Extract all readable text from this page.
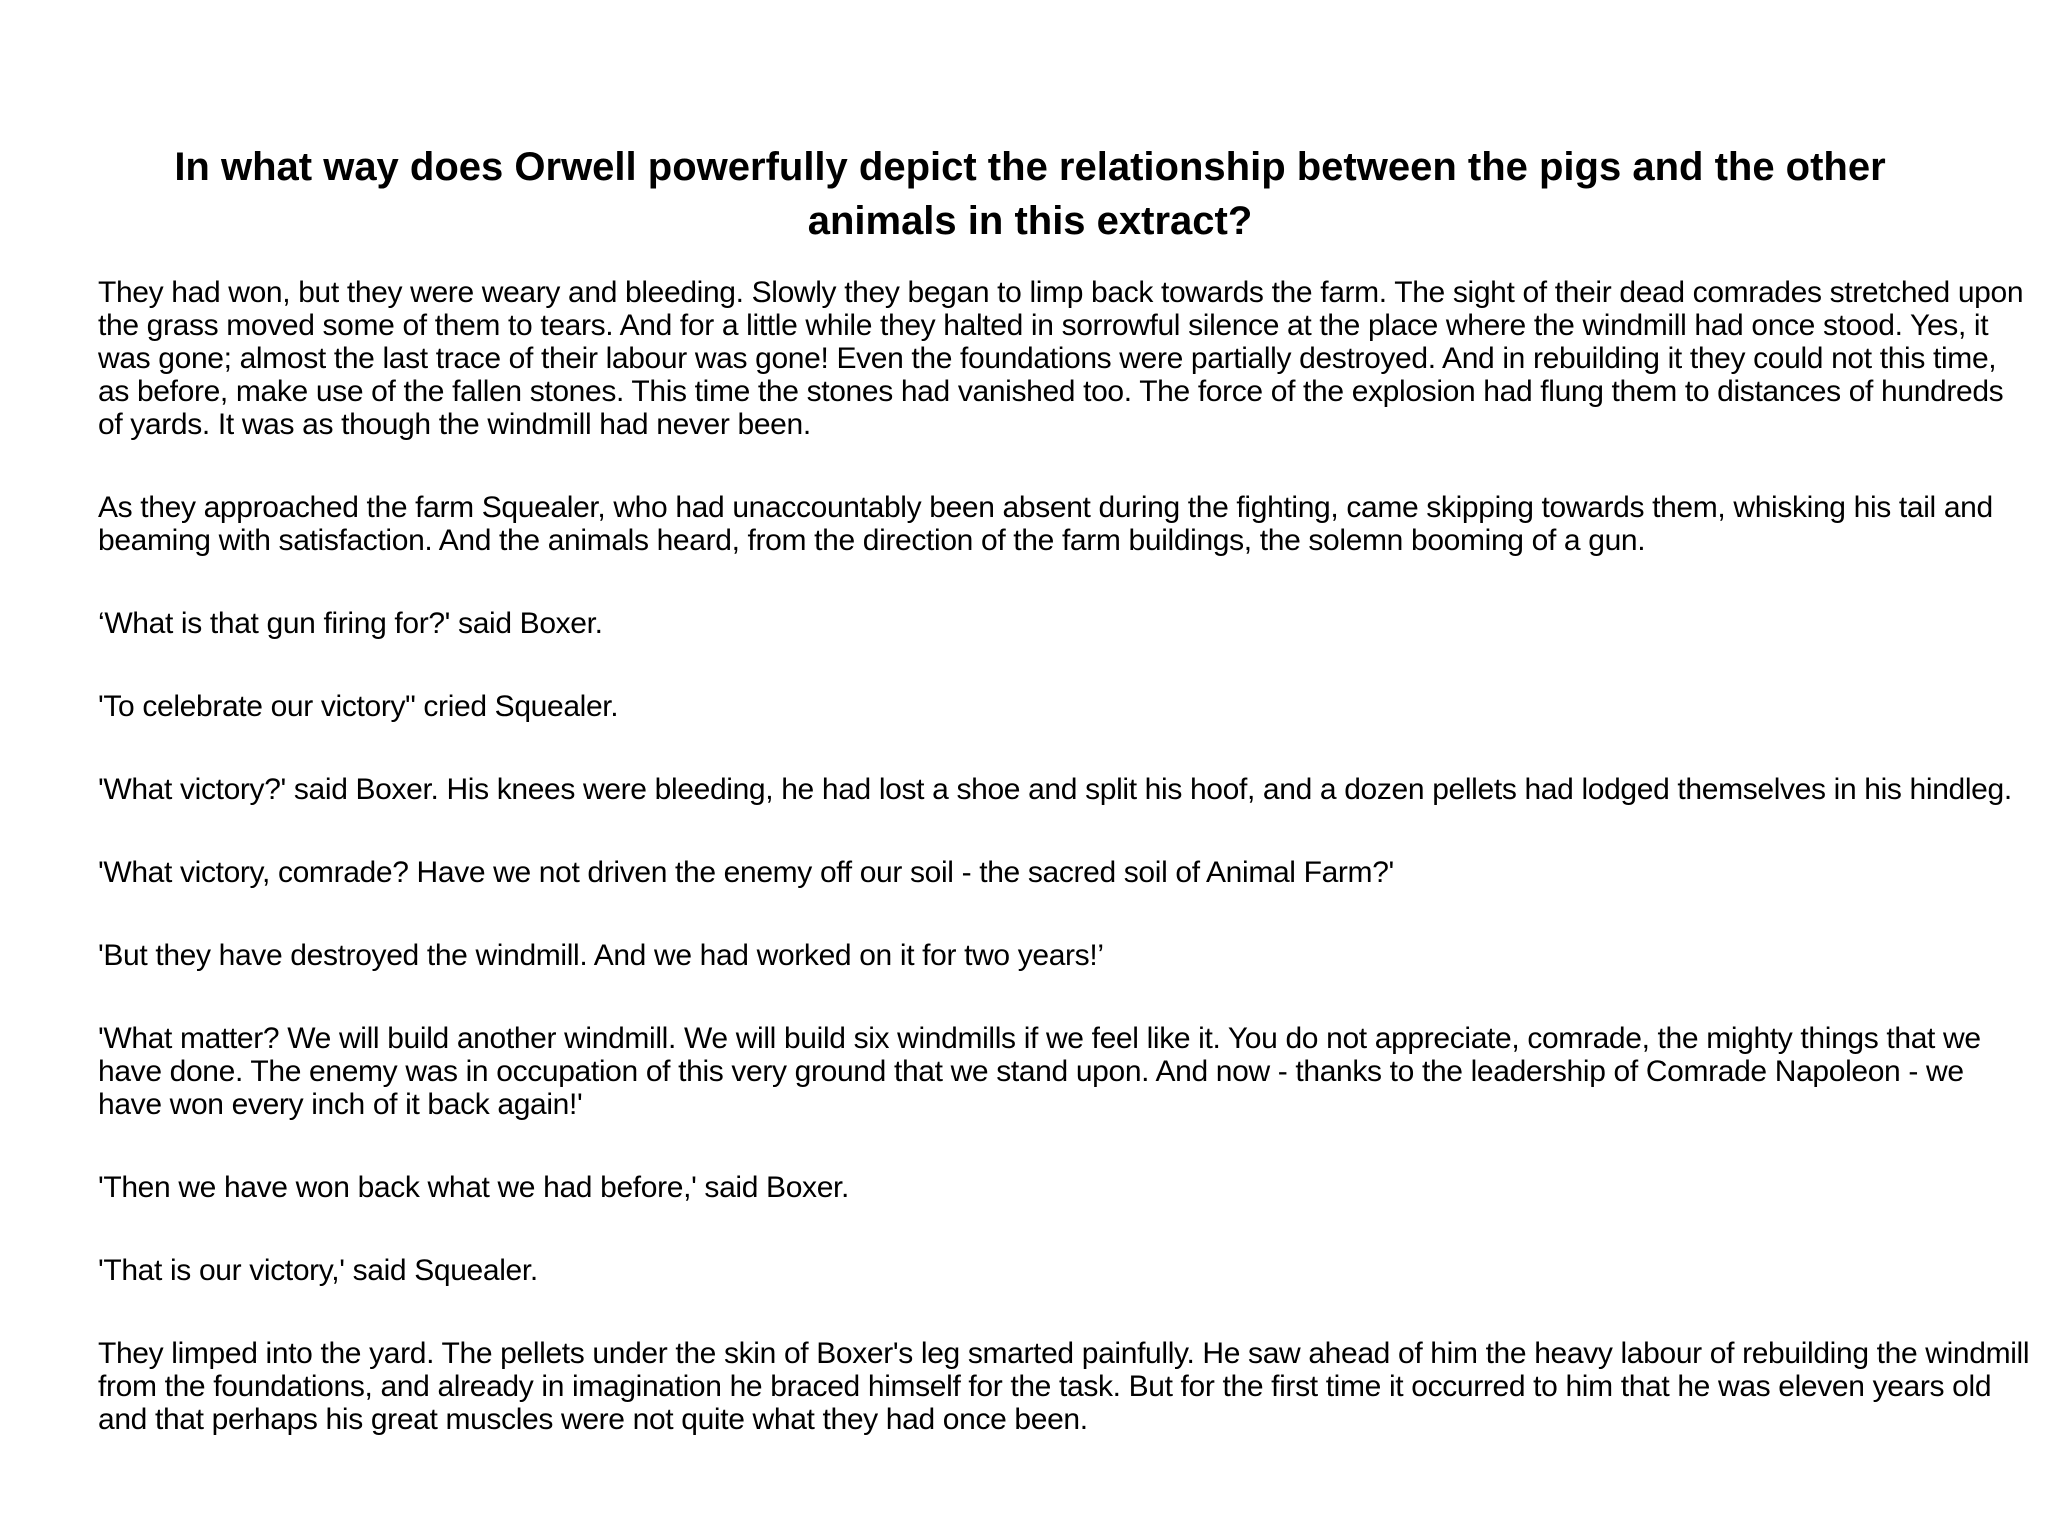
In what way does Orwell powerfully depict the relationship between the pigs and the other animals in this extract?

They had won, but they were weary and bleeding. Slowly they began to limp back towards the farm. The sight of their dead comrades stretched upon the grass moved some of them to tears. And for a little while they halted in sorrowful silence at the place where the windmill had once stood. Yes, it was gone; almost the last trace of their labour was gone! Even the foundations were partially destroyed. And in rebuilding it they could not this time, as before, make use of the fallen stones. This time the stones had vanished too. The force of the explosion had flung them to distances of hundreds of yards. It was as though the windmill had never been.

As they approached the farm Squealer, who had unaccountably been absent during the fighting, came skipping towards them, whisking his tail and beaming with satisfaction. And the animals heard, from the direction of the farm buildings, the solemn booming of a gun.

‘What is that gun firing for?' said Boxer.

'To celebrate our victory" cried Squealer.

'What victory?' said Boxer. His knees were bleeding, he had lost a shoe and split his hoof, and a dozen pellets had lodged themselves in his hindleg.

'What victory, comrade? Have we not driven the enemy off our soil - the sacred soil of Animal Farm?'

'But they have destroyed the windmill. And we had worked on it for two years!’

'What matter? We will build another windmill. We will build six windmills if we feel like it. You do not appreciate, comrade, the mighty things that we have done. The enemy was in occupation of this very ground that we stand upon. And now - thanks to the leadership of Comrade Napoleon - we have won every inch of it back again!'

'Then we have won back what we had before,' said Boxer.

'That is our victory,' said Squealer.

They limped into the yard. The pellets under the skin of Boxer's leg smarted painfully. He saw ahead of him the heavy labour of rebuilding the windmill from the foundations, and already in imagination he braced himself for the task. But for the first time it occurred to him that he was eleven years old and that perhaps his great muscles were not quite what they had once been.
